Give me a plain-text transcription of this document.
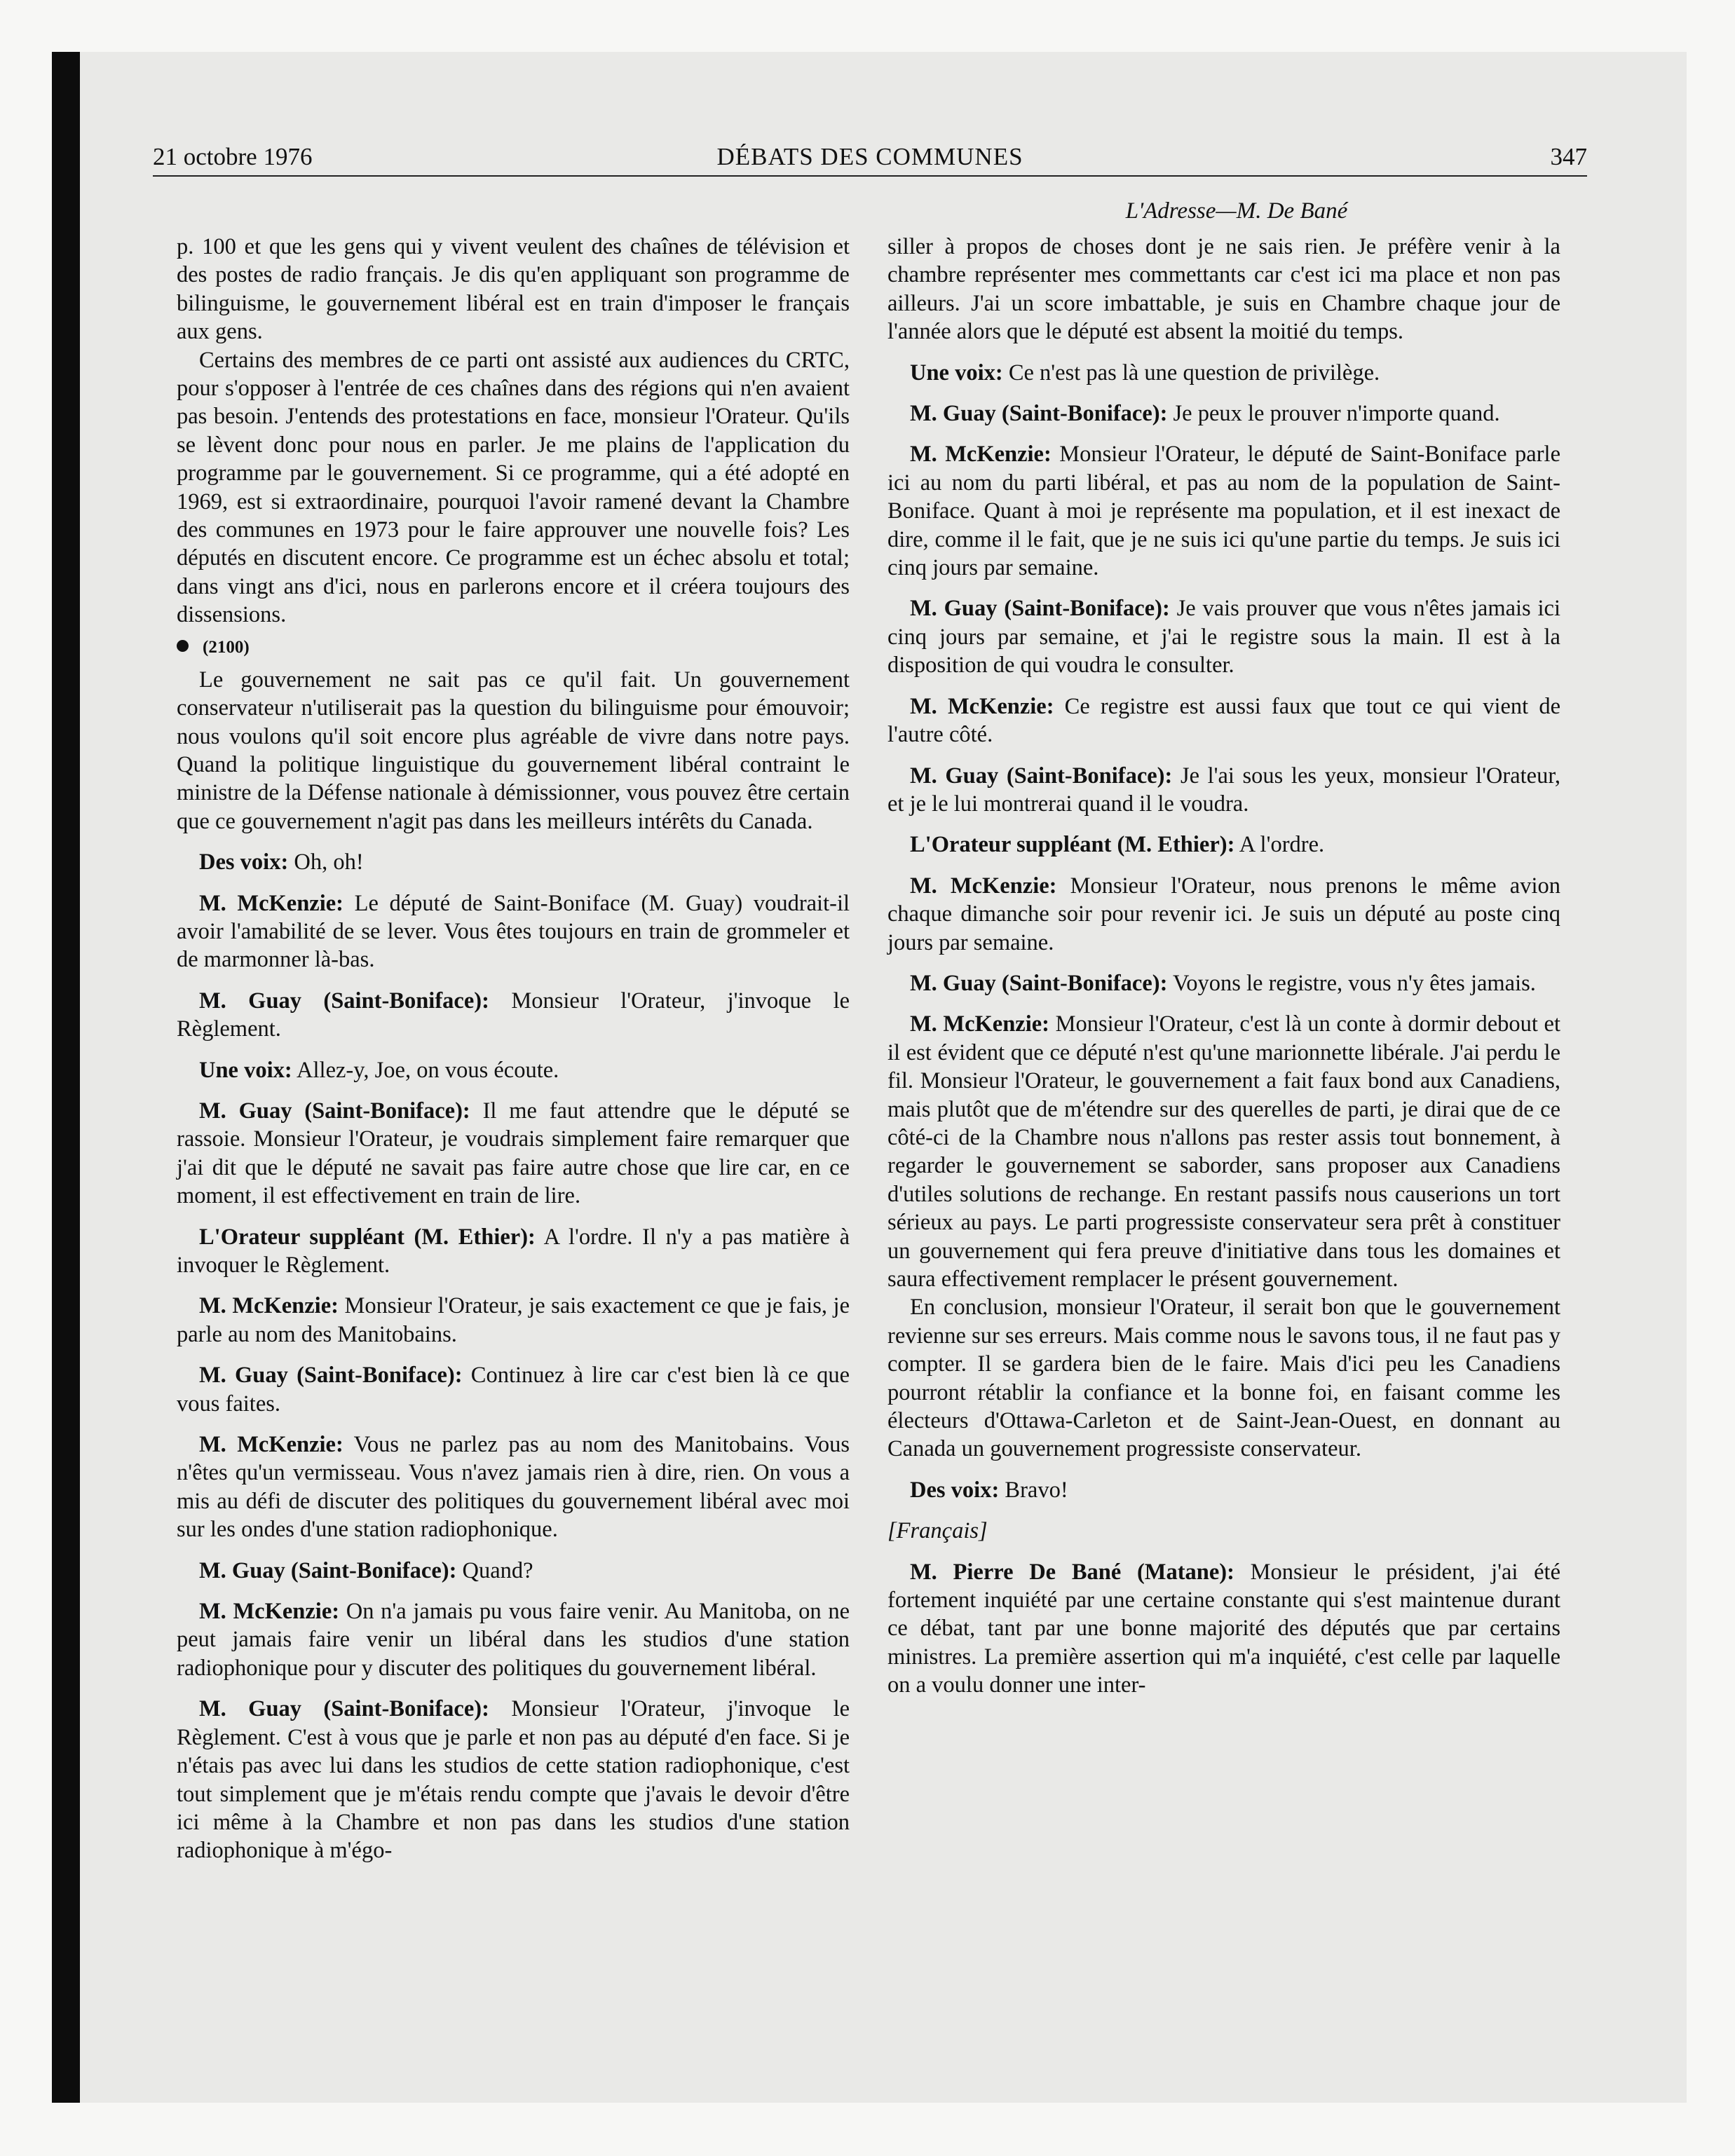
21 octobre 1976	DÉBATS DES COMMUNES	347
L'Adresse—M. De Bané

p. 100 et que les gens qui y vivent veulent des chaînes de télévision et des postes de radio français. Je dis qu'en appliquant son programme de bilinguisme, le gouvernement libéral est en train d'imposer le français aux gens.

Certains des membres de ce parti ont assisté aux audiences du CRTC, pour s'opposer à l'entrée de ces chaînes dans des régions qui n'en avaient pas besoin. J'entends des protestations en face, monsieur l'Orateur. Qu'ils se lèvent donc pour nous en parler. Je me plains de l'application du programme par le gouvernement. Si ce programme, qui a été adopté en 1969, est si extraordinaire, pourquoi l'avoir ramené devant la Chambre des communes en 1973 pour le faire approuver une nouvelle fois? Les députés en discutent encore. Ce programme est un échec absolu et total; dans vingt ans d'ici, nous en parlerons encore et il créera toujours des dissensions.

(2100)

Le gouvernement ne sait pas ce qu'il fait. Un gouvernement conservateur n'utiliserait pas la question du bilinguisme pour émouvoir; nous voulons qu'il soit encore plus agréable de vivre dans notre pays. Quand la politique linguistique du gouvernement libéral contraint le ministre de la Défense nationale à démissionner, vous pouvez être certain que ce gouvernement n'agit pas dans les meilleurs intérêts du Canada.

Des voix: Oh, oh!

M. McKenzie: Le député de Saint-Boniface (M. Guay) voudrait-il avoir l'amabilité de se lever. Vous êtes toujours en train de grommeler et de marmonner là-bas.

M. Guay (Saint-Boniface): Monsieur l'Orateur, j'invoque le Règlement.

Une voix: Allez-y, Joe, on vous écoute.

M. Guay (Saint-Boniface): Il me faut attendre que le député se rassoie. Monsieur l'Orateur, je voudrais simplement faire remarquer que j'ai dit que le député ne savait pas faire autre chose que lire car, en ce moment, il est effectivement en train de lire.

L'Orateur suppléant (M. Ethier): A l'ordre. Il n'y a pas matière à invoquer le Règlement.

M. McKenzie: Monsieur l'Orateur, je sais exactement ce que je fais, je parle au nom des Manitobains.

M. Guay (Saint-Boniface): Continuez à lire car c'est bien là ce que vous faites.

M. McKenzie: Vous ne parlez pas au nom des Manitobains. Vous n'êtes qu'un vermisseau. Vous n'avez jamais rien à dire, rien. On vous a mis au défi de discuter des politiques du gouvernement libéral avec moi sur les ondes d'une station radiophonique.

M. Guay (Saint-Boniface): Quand?

M. McKenzie: On n'a jamais pu vous faire venir. Au Manitoba, on ne peut jamais faire venir un libéral dans les studios d'une station radiophonique pour y discuter des politiques du gouvernement libéral.

M. Guay (Saint-Boniface): Monsieur l'Orateur, j'invoque le Règlement. C'est à vous que je parle et non pas au député d'en face. Si je n'étais pas avec lui dans les studios de cette station radiophonique, c'est tout simplement que je m'étais rendu compte que j'avais le devoir d'être ici même à la Chambre et non pas dans les studios d'une station radiophonique à m'égo-

siller à propos de choses dont je ne sais rien. Je préfère venir à la chambre représenter mes commettants car c'est ici ma place et non pas ailleurs. J'ai un score imbattable, je suis en Chambre chaque jour de l'année alors que le député est absent la moitié du temps.

Une voix: Ce n'est pas là une question de privilège.

M. Guay (Saint-Boniface): Je peux le prouver n'importe quand.

M. McKenzie: Monsieur l'Orateur, le député de Saint-Boniface parle ici au nom du parti libéral, et pas au nom de la population de Saint-Boniface. Quant à moi je représente ma population, et il est inexact de dire, comme il le fait, que je ne suis ici qu'une partie du temps. Je suis ici cinq jours par semaine.

M. Guay (Saint-Boniface): Je vais prouver que vous n'êtes jamais ici cinq jours par semaine, et j'ai le registre sous la main. Il est à la disposition de qui voudra le consulter.

M. McKenzie: Ce registre est aussi faux que tout ce qui vient de l'autre côté.

M. Guay (Saint-Boniface): Je l'ai sous les yeux, monsieur l'Orateur, et je le lui montrerai quand il le voudra.

L'Orateur suppléant (M. Ethier): A l'ordre.

M. McKenzie: Monsieur l'Orateur, nous prenons le même avion chaque dimanche soir pour revenir ici. Je suis un député au poste cinq jours par semaine.

M. Guay (Saint-Boniface): Voyons le registre, vous n'y êtes jamais.

M. McKenzie: Monsieur l'Orateur, c'est là un conte à dormir debout et il est évident que ce député n'est qu'une marionnette libérale. J'ai perdu le fil. Monsieur l'Orateur, le gouvernement a fait faux bond aux Canadiens, mais plutôt que de m'étendre sur des querelles de parti, je dirai que de ce côté-ci de la Chambre nous n'allons pas rester assis tout bonnement, à regarder le gouvernement se saborder, sans proposer aux Canadiens d'utiles solutions de rechange. En restant passifs nous causerions un tort sérieux au pays. Le parti progressiste conservateur sera prêt à constituer un gouvernement qui fera preuve d'initiative dans tous les domaines et saura effectivement remplacer le présent gouvernement.

En conclusion, monsieur l'Orateur, il serait bon que le gouvernement revienne sur ses erreurs. Mais comme nous le savons tous, il ne faut pas y compter. Il se gardera bien de le faire. Mais d'ici peu les Canadiens pourront rétablir la confiance et la bonne foi, en faisant comme les électeurs d'Ottawa-Carleton et de Saint-Jean-Ouest, en donnant au Canada un gouvernement progressiste conservateur.

Des voix: Bravo!

[Français]

M. Pierre De Bané (Matane): Monsieur le président, j'ai été fortement inquiété par une certaine constante qui s'est maintenue durant ce débat, tant par une bonne majorité des députés que par certains ministres. La première assertion qui m'a inquiété, c'est celle par laquelle on a voulu donner une inter-
